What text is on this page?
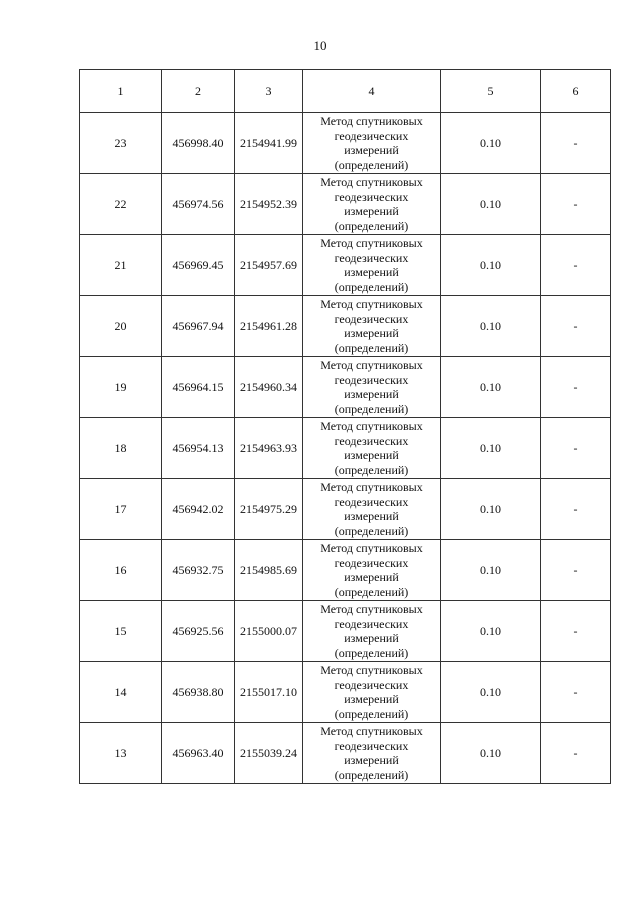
10
1	2	3	4	5	6
23	456998.40	2154941.99	Метод спутниковых
геодезических
измерений
(определений)	0.10	-
22	456974.56	2154952.39	Метод спутниковых
геодезических
измерений
(определений)	0.10	-
21	456969.45	2154957.69	Метод спутниковых
геодезических
измерений
(определений)	0.10	-
20	456967.94	2154961.28	Метод спутниковых
геодезических
измерений
(определений)	0.10	-
19	456964.15	2154960.34	Метод спутниковых
геодезических
измерений
(определений)	0.10	-
18	456954.13	2154963.93	Метод спутниковых
геодезических
измерений
(определений)	0.10	-
17	456942.02	2154975.29	Метод спутниковых
геодезических
измерений
(определений)	0.10	-
16	456932.75	2154985.69	Метод спутниковых
геодезических
измерений
(определений)	0.10	-
15	456925.56	2155000.07	Метод спутниковых
геодезических
измерений
(определений)	0.10	-
14	456938.80	2155017.10	Метод спутниковых
геодезических
измерений
(определений)	0.10	-
13	456963.40	2155039.24	Метод спутниковых
геодезических
измерений
(определений)	0.10	-
